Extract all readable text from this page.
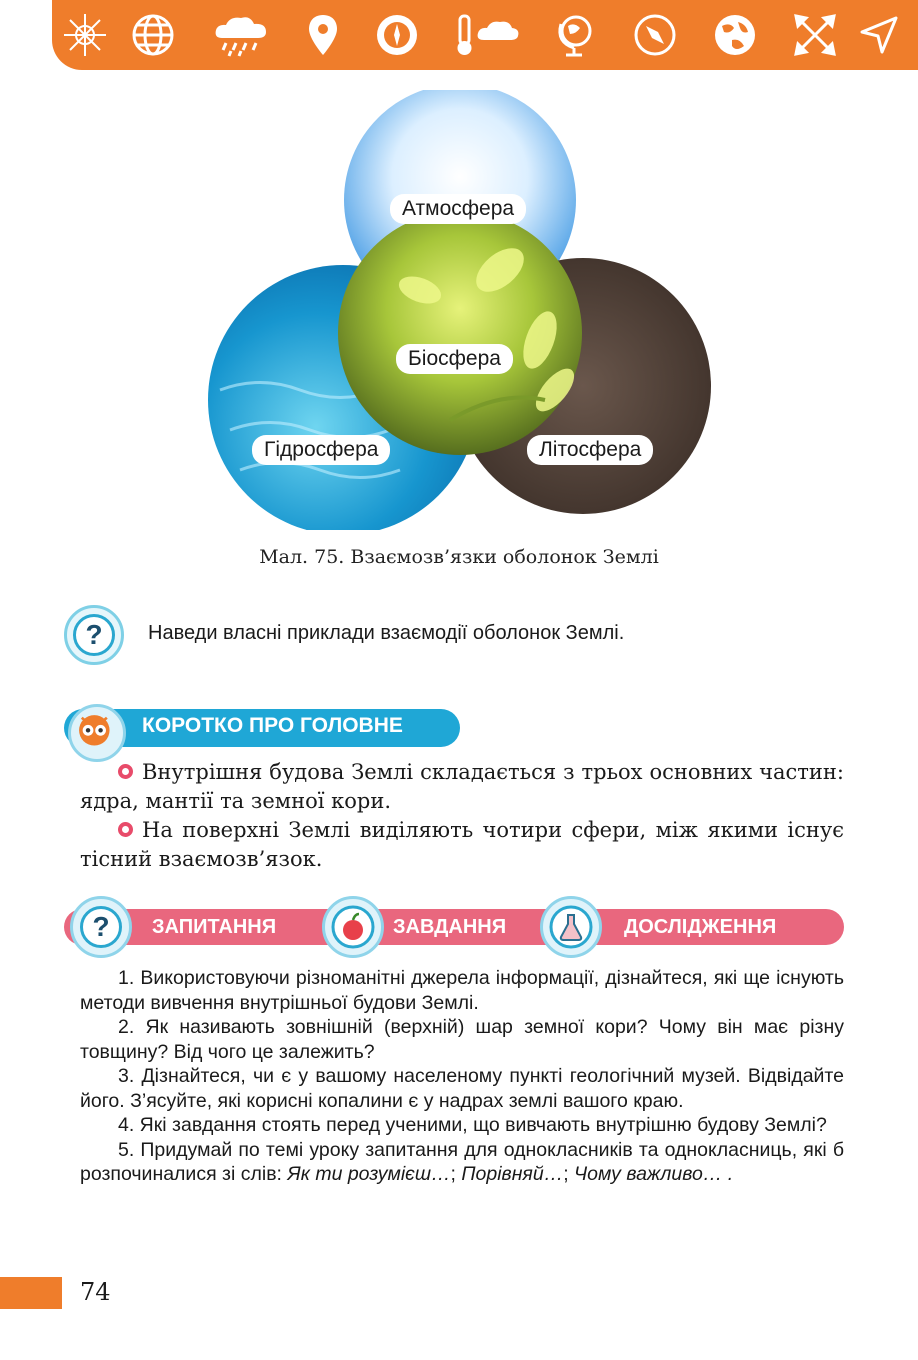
Атмосфера
Біосфера
Гідросфера	Літосфера
Мал. 75. Взаємозв’язки оболонок Землі
?	Наведи власні приклади взаємодії оболонок Землі.
КОРОТКО ПРО ГОЛОВНЕ

Внутрішня будова Землі складається з трьох основних частин: ядра, мантії та земної кори.

На поверхні Землі виділяють чотири сфери, між якими існує тісний взаємозв’язок.

?	ЗАПИТАННЯ	ЗАВДАННЯ	ДОСЛІДЖЕННЯ

1. Використовуючи різноманітні джерела інформації, дізнайтеся, які ще існують методи вивчення внутрішньої будови Землі.

2. Як називають зовнішній (верхній) шар земної кори? Чому він має різну товщину? Від чого це залежить?

3. Дізнайтеся, чи є у вашому населеному пункті геологічний музей. Відвідайте його. З’ясуйте, які корисні копалини є у надрах землі вашого краю.

4. Які завдання стоять перед ученими, що вивчають внутрішню будову Землі?

5. Придумай по темі уроку запитання для однокласників та однокласниць, які б розпочиналися зі слів: Як ти розумієш…; Порівняй…; Чому важливо… .

74
